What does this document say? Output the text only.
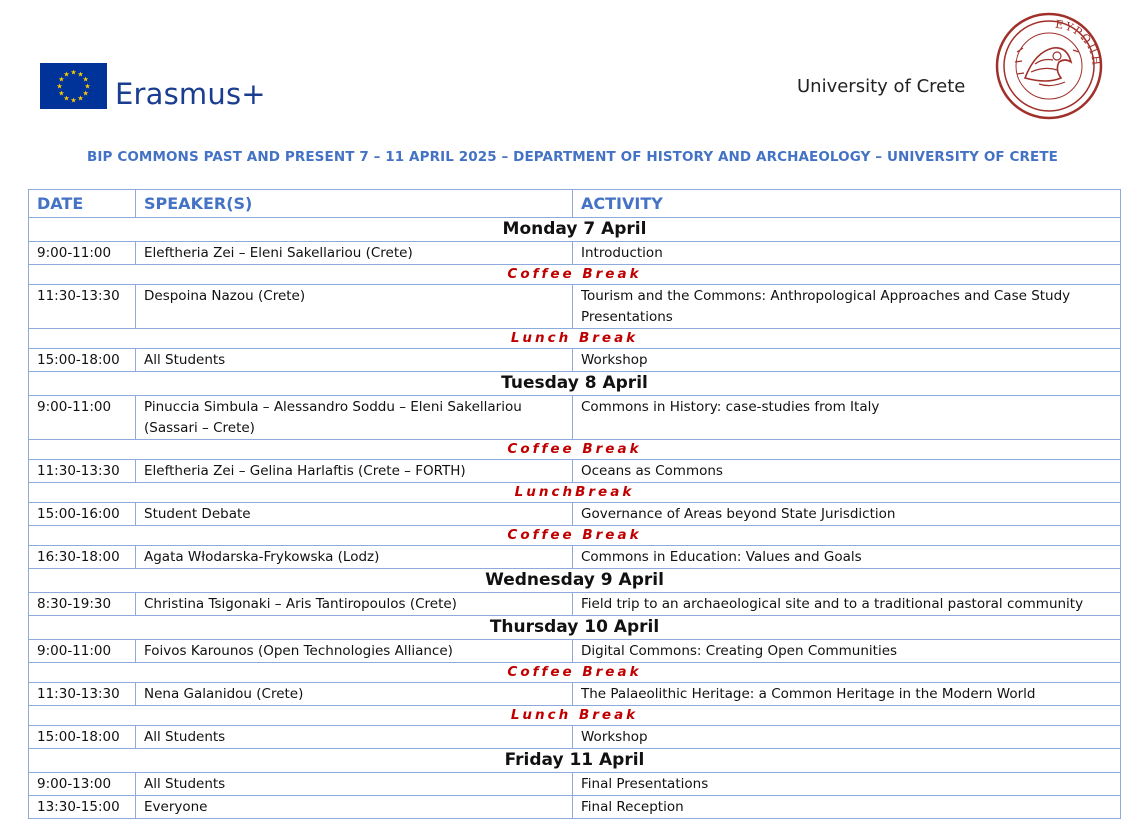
★ ★
★
★
★
★
★
★
★
★
★
★
Erasmus+	University of Crete
ΕΥΡΩΠΗ
BIP COMMONS PAST AND PRESENT 7 – 11 APRIL 2025 – DEPARTMENT OF HISTORY AND ARCHAEOLOGY – UNIVERSITY OF CRETE
DATE	SPEAKER(S)	ACTIVITY
Monday 7 April		
9:00-11:00	Eleftheria Zei – Eleni Sakellariou (Crete)	Introduction
Coffee Break		
11:30-13:30	Despoina Nazou (Crete)	Tourism and the Commons: Anthropological Approaches and Case Study Presentations
Lunch Break		
15:00-18:00	All Students	Workshop
Tuesday 8 April		
9:00-11:00	Pinuccia Simbula – Alessandro Soddu – Eleni Sakellariou (Sassari – Crete)	Commons in History: case-studies from Italy
Coffee Break		
11:30-13:30	Eleftheria Zei – Gelina Harlaftis (Crete – FORTH)	Oceans as Commons
LunchBreak		
15:00-16:00	Student Debate	Governance of Areas beyond State Jurisdiction
Coffee Break		
16:30-18:00	Agata Włodarska-Frykowska (Lodz)	Commons in Education: Values and Goals
Wednesday 9 April		
8:30-19:30	Christina Tsigonaki – Aris Tantiropoulos (Crete)	Field trip to an archaeological site and to a traditional pastoral community
Thursday 10 April		
9:00-11:00	Foivos Karounos (Open Technologies Alliance)	Digital Commons: Creating Open Communities
Coffee Break		
11:30-13:30	Nena Galanidou (Crete)	The Palaeolithic Heritage: a Common Heritage in the Modern World
Lunch Break		
15:00-18:00	All Students	Workshop
Friday 11 April		
9:00-13:00	All Students	Final Presentations
13:30-15:00	Everyone	Final Reception
